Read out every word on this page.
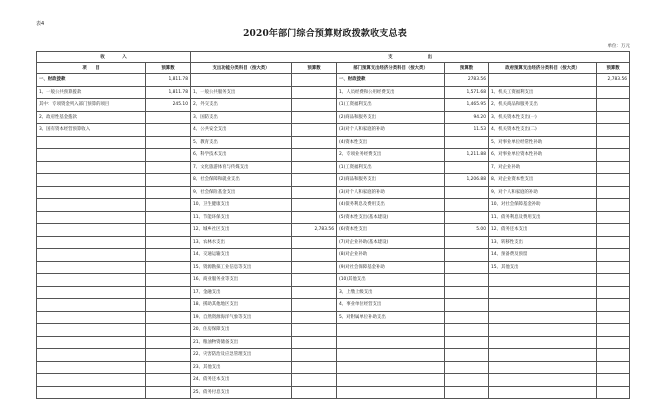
表4
2020年部门综合预算财政拨款收支总表
单位：万元
收　　　　入		支　　　　　　　　出					
项　　目	预算数	支出功能分类科目（按大类）	预算数	部门预算支出经济分类科目（按大类）	预算数	政府预算支出经济分类科目（按大类）	预算数
一、财政拨款	1,811.78			一、财政拨款	2783.56		2,783.56
1、一般公共预算拨款	1,811.78	1、一般公共服务支出		1、人员经费和公用经费支出	1,571.68	1、机关工资福利支出	
其中：专项资金列入部门预算的项目	245.10	2、外交支出		(1)工资福利支出	1,465.95	2、机关商品和服务支出	
2、政府性基金拨款		3、国防支出		(2)商品和服务支出	94.20	3、机关资本性支出(一)	
3、国有资本经营预算收入		4、公共安全支出		(3)对个人和家庭的补助	11.53	4、机关资本性支出(二)	
		5、教育支出		(4)资本性支出		5、对事业单位经常性补助	
		6、科学技术支出		2、专项业务经费支出	1,211.88	6、对事业单位资本性补助	
		7、文化旅游体育与传媒支出		(1)工资福利支出		7、对企业补助	
		8、社会保障和就业支出		(2)商品和服务支出	1,206.88	8、对企业资本性支出	
		9、社会保险基金支出		(3)对个人和家庭的补助		9、对个人和家庭的补助	
		10、卫生健康支出		(4)债务利息及费用支出		10、对社会保障基金补助	
		11、节能环保支出		(5)资本性支出(基本建设)		11、债务利息及费用支出	
		12、城乡社区支出	2,783.56	(6)资本性支出	5.00	12、债务还本支出	
		13、农林水支出		(7)对企业补助(基本建设)		13、转移性支出	
		14、交通运输支出		(8)对企业补助		14、预备费及预留	
		15、资源勘探工业信息等支出		(9)对社会保障基金补助		15、其他支出	
		16、商业服务业等支出		(10)其他支出			
		17、金融支出		3、上缴上级支出			
		18、援助其他地区支出		4、事业单位经营支出			
		19、自然资源海洋气象等支出		5、对附属单位补助支出			
		20、住房保障支出					
		21、粮油物资储备支出					
		22、灾害防治及应急管理支出					
		23、其他支出					
		24、债务还本支出					
		25、债务付息支出					
